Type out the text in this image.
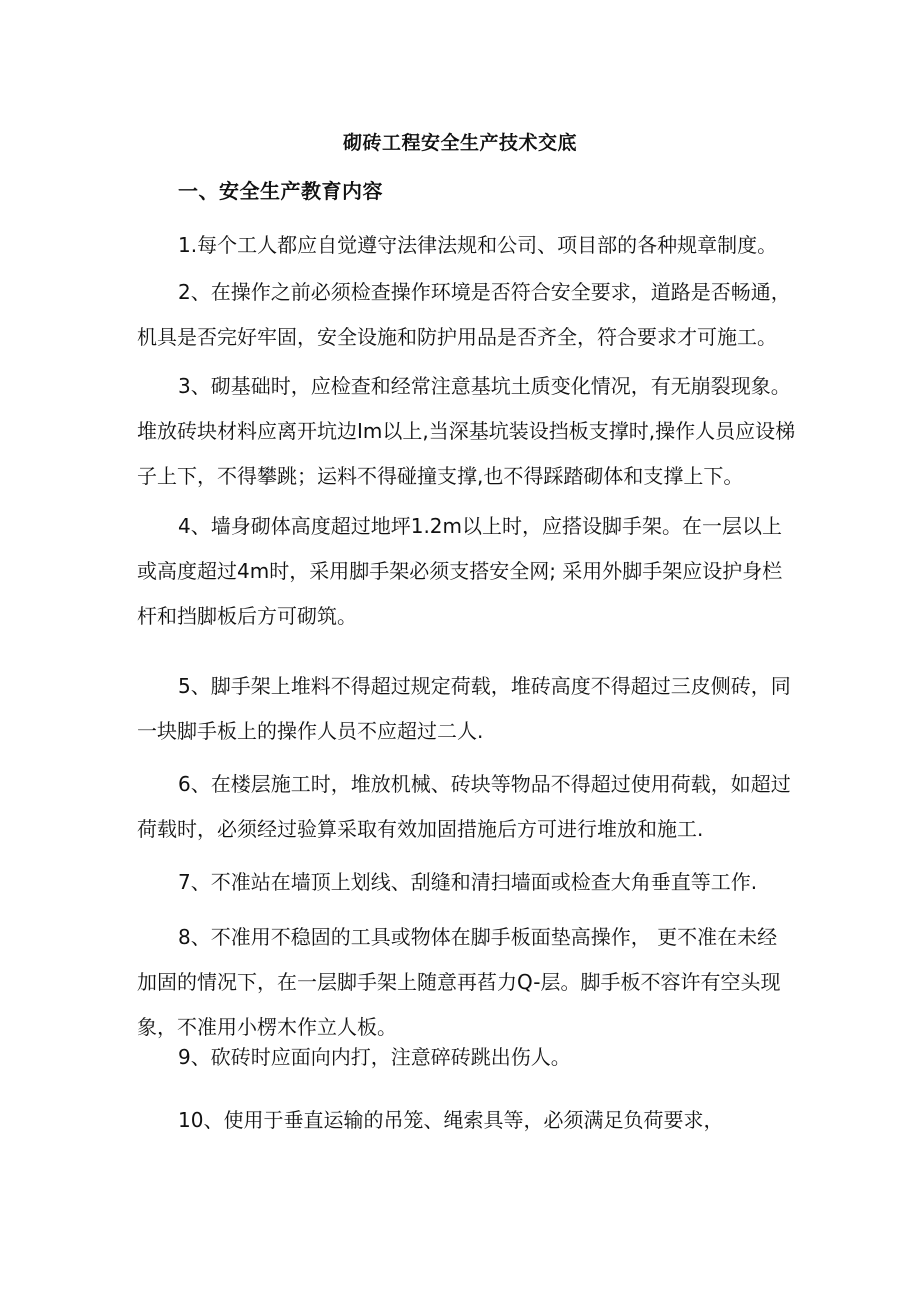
砌砖工程安全生产技术交底
一、安全生产教育内容

1.每个工人都应自觉遵守法律法规和公司、项目部的各种规章制度。

2、在操作之前必须检查操作环境是否符合安全要求，道路是否畅通，机具是否完好牢固，安全设施和防护用品是否齐全，符合要求才可施工。

3、砌基础时，应检查和经常注意基坑土质变化情况，有无崩裂现象。堆放砖块材料应离开坑边Im以上,当深基坑装设挡板支撑时,操作人员应设梯子上下，不得攀跳；运料不得碰撞支撑,也不得踩踏砌体和支撑上下。

4、墙身砌体高度超过地坪1.2m以上时，应搭设脚手架。在一层以上或高度超过4m时，采用脚手架必须支搭安全网; 采用外脚手架应设护身栏杆和挡脚板后方可砌筑。

5、脚手架上堆料不得超过规定荷载，堆砖高度不得超过三皮侧砖，同一块脚手板上的操作人员不应超过二人.

6、在楼层施工时，堆放机械、砖块等物品不得超过使用荷载，如超过荷载时，必须经过验算采取有效加固措施后方可进行堆放和施工.

7、不准站在墙顶上划线、刮缝和清扫墙面或检查大角垂直等工作.

8、不准用不稳固的工具或物体在脚手板面垫高操作， 更不准在未经加固的情况下，在一层脚手架上随意再萏力Q-层。脚手板不容许有空头现象，不准用小楞木作立人板。

9、砍砖时应面向内打，注意碎砖跳出伤人。

10、使用于垂直运输的吊笼、绳索具等，必须满足负荷要求，
